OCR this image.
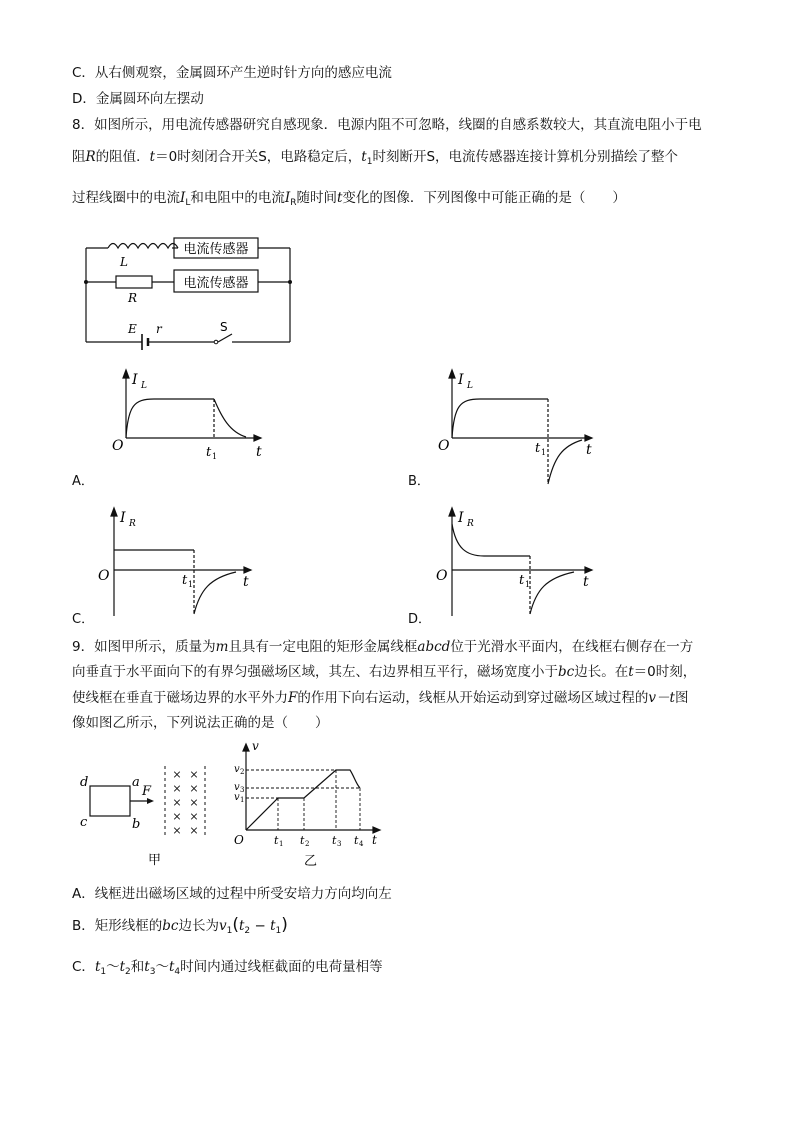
C．从右侧观察，金属圆环产生逆时针方向的感应电流
D．金属圆环向左摆动
8．如图所示，用电流传感器研究自感现象．电源内阻不可忽略，线圈的自感系数较大，其直流电阻小于电
阻R的阻值．t＝0时刻闭合开关S，电路稳定后，$t_1$时刻断开S，电流传感器连接计算机分别描绘了整个
过程线圈中的电流$I_L$和电阻中的电流$I_R$随时间t变化的图像．下列图像中可能正确的是（　　）
电流传感器
电流传感器
L
R
E r	S
I L
O	t 1	t
A．
I L
O	t 1	t
B．
I R
O	t 1	t
C．
I R
O	t 1	t
D．
9．如图甲所示，质量为m且具有一定电阻的矩形金属线框abcd位于光滑水平面内，在线框右侧存在一方
向垂直于水平面向下的有界匀强磁场区域，其左、右边界相互平行，磁场宽度小于bc边长。在t＝0时刻，
使线框在垂直于磁场边界的水平外力F的作用下向右运动，线框从开始运动到穿过磁场区域过程的v－t图
像如图乙所示，下列说法正确的是（　　）
× ×
× ×
× ×
× ×
× ×
d	a
c	b
F
甲
v
v 2
v 3
v 1
O	t 1 t 2 t 3 t 4 t
乙
A．线框进出磁场区域的过程中所受安培力方向均向左
B．矩形线框的bc边长为$v_1(t_2 - t_1)$
C．$t_1\sim t_2$和$t_3\sim t_4$时间内通过线框截面的电荷量相等
